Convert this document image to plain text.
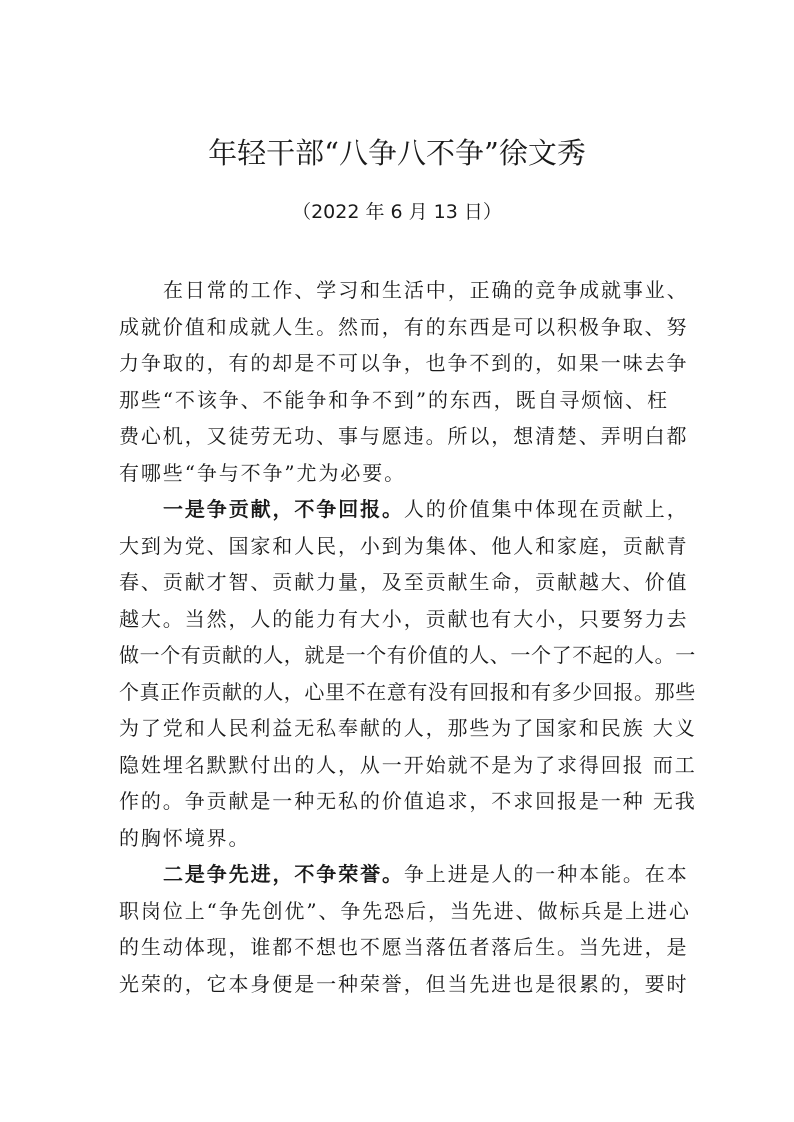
年轻干部“八争八不争”徐文秀
（2022 年 6 月 13 日）
在日常的工作、学习和生活中，正确的竞争成就事业、
成就价值和成就人生。然而，有的东西是可以积极争取、努
力争取的，有的却是不可以争，也争不到的，如果一味去争
那些“不该争、不能争和争不到”的东西，既自寻烦恼、枉
费心机，又徒劳无功、事与愿违。所以，想清楚、弄明白都
有哪些“争与不争”尤为必要。
一是争贡献，不争回报。人的价值集中体现在贡献上，
大到为党、国家和人民，小到为集体、他人和家庭，贡献青
春、贡献才智、贡献力量，及至贡献生命，贡献越大、价值
越大。当然，人的能力有大小，贡献也有大小，只要努力去
做一个有贡献的人，就是一个有价值的人、一个了不起的人。一
个真正作贡献的人，心里不在意有没有回报和有多少回报。那些
为了党和人民利益无私奉献的人，那些为了国家和民族 大义
隐姓埋名默默付出的人，从一开始就不是为了求得回报 而工
作的。争贡献是一种无私的价值追求，不求回报是一种 无我
的胸怀境界。
二是争先进，不争荣誉。争上进是人的一种本能。在本
职岗位上“争先创优”、争先恐后，当先进、做标兵是上进心
的生动体现，谁都不想也不愿当落伍者落后生。当先进，是
光荣的，它本身便是一种荣誉，但当先进也是很累的，要时
